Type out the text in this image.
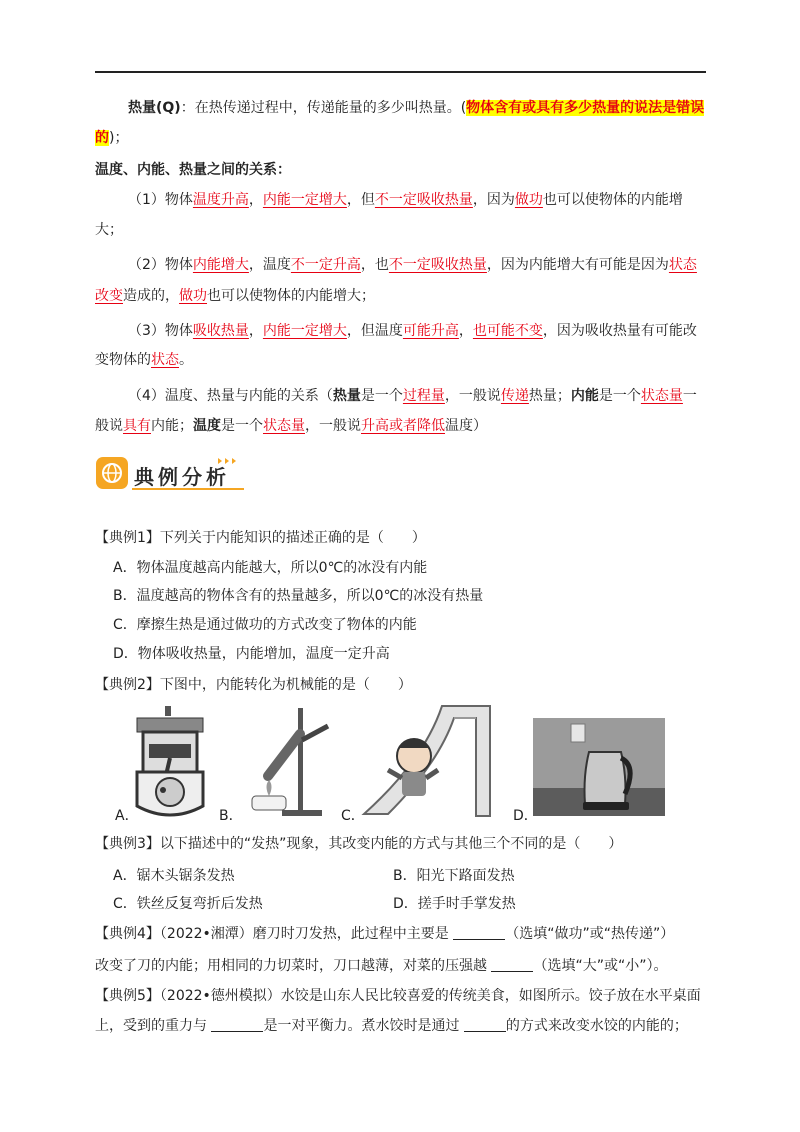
热量(Q)：在热传递过程中，传递能量的多少叫热量。(物体含有或具有多少热量的说法是错误
的)；
温度、内能、热量之间的关系：
（1）物体温度升高，内能一定增大，但不一定吸收热量，因为做功也可以使物体的内能增
大；
（2）物体内能增大，温度不一定升高，也不一定吸收热量，因为内能增大有可能是因为状态
改变造成的，做功也可以使物体的内能增大；
（3）物体吸收热量，内能一定增大，但温度可能升高，也可能不变，因为吸收热量有可能改
变物体的状态。
（4）温度、热量与内能的关系（热量是一个过程量，一般说传递热量；内能是一个状态量一
般说具有内能；温度是一个状态量，一般说升高或者降低温度）
典例分析
【典例1】下列关于内能知识的描述正确的是（　　）
A．物体温度越高内能越大，所以0℃的冰没有内能
B．温度越高的物体含有的热量越多，所以0℃的冰没有热量
C．摩擦生热是通过做功的方式改变了物体的内能
D．物体吸收热量，内能增加，温度一定升高
【典例2】下图中，内能转化为机械能的是（　　）
A．	B．	C．	D．
【典例3】以下描述中的“发热”现象，其改变内能的方式与其他三个不同的是（　　）
A．锯木头锯条发热	B．阳光下路面发热
C．铁丝反复弯折后发热	D．搓手时手掌发热
【典例4】（2022•湘潭）磨刀时刀发热，此过程中主要是	（选填“做功”或“热传递”）
改变了刀的内能；用相同的力切菜时，刀口越薄，对菜的压强越	（选填“大”或“小”）。
【典例5】（2022•德州模拟）水饺是山东人民比较喜爱的传统美食，如图所示。饺子放在水平桌面
上，受到的重力与	是一对平衡力。煮水饺时是通过	的方式来改变水饺的内能的；
